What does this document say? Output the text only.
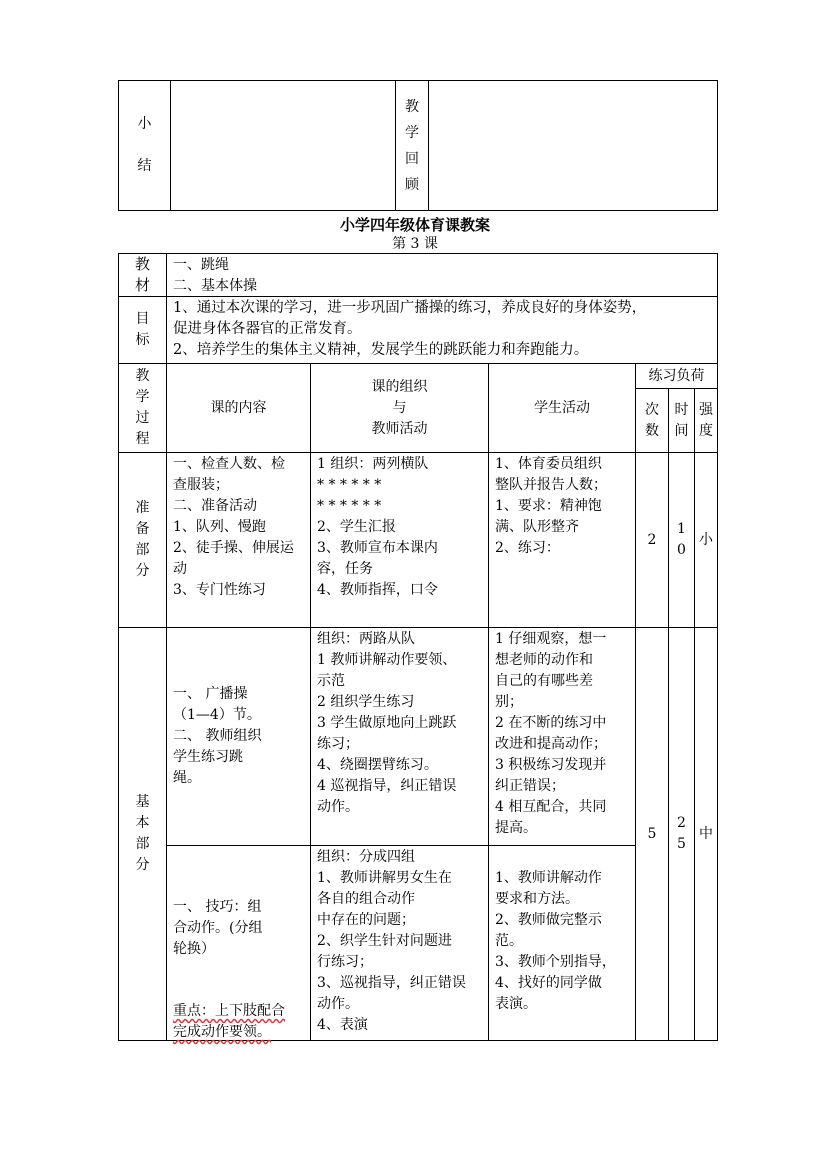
小

结
教
学
回
顾
小学四年级体育课教案
第 3 课
教
材
一、跳绳
二、基本体操
目
标
1、通过本次课的学习，进一步巩固广播操的练习，养成良好的身体姿势，
促进身体各器官的正常发育。
2、培养学生的集体主义精神，发展学生的跳跃能力和奔跑能力。
教
学
过
程
课的内容
课的组织
与
教师活动
学生活动
练习负荷
次
数
时
间
强
度
准
备
部
分
一、检查人数、检
查服装；
二、准备活动
1、队列、慢跑
2、徒手操、伸展运
动
3、专门性练习
1 组织：两列横队
* * * * * *
* * * * * *
2、学生汇报
3、教师宣布本课内
容，任务
4、教师指挥，口令
1、体育委员组织
整队并报告人数；
1、要求：精神饱
满、队形整齐
2、练习：
2
1
0
小
基
本
部
分
一、 广播操
（1—4）节。
二、 教师组织
学生练习跳
绳。
组织：两路从队
1 教师讲解动作要领、
示范
2 组织学生练习
3 学生做原地向上跳跃
练习；
4、绕圈摆臂练习。
4 巡视指导，纠正错误
动作。
1 仔细观察，想一
想老师的动作和
自己的有哪些差
别；
2 在不断的练习中
改进和提高动作；
3 积极练习发现并
纠正错误；
4 相互配合，共同
提高。

一、 技巧：组
合动作。(分组
轮换）

重点：上下肢配合
完成动作要领。

组织：分成四组
1、教师讲解男女生在
各自的组合动作
中存在的问题；
2、织学生针对问题进
行练习；
3、巡视指导，纠正错误
动作。
4、表演

1、教师讲解动作
要求和方法。
2、教师做完整示
范。
3、教师个别指导，
4、找好的同学做
表演。
5
2
5
中
